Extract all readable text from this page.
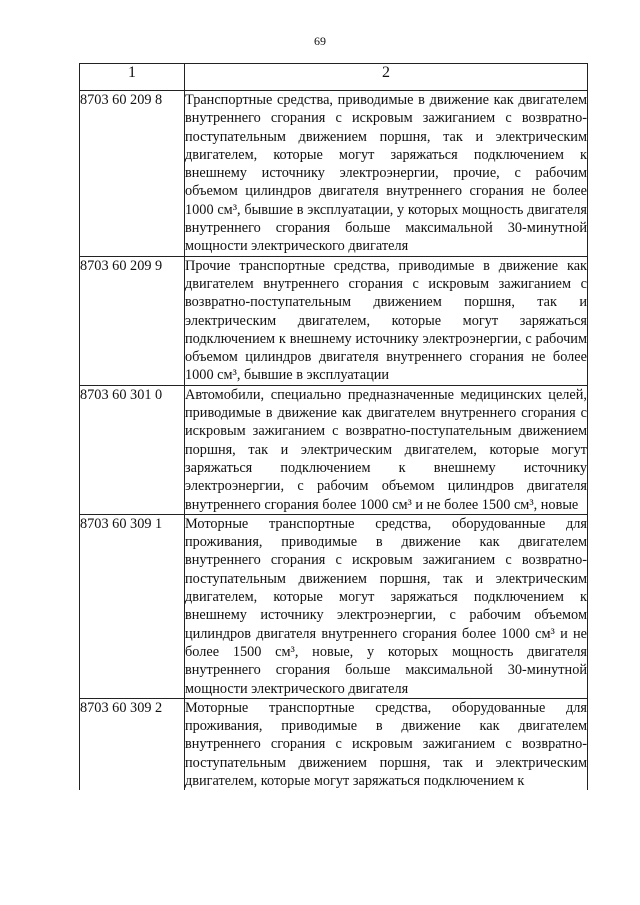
69
1	2
8703 60 209 8	Транспортные средства, приводимые в движение как двигателем внутреннего сгорания с искровым зажиганием с возвратно-поступательным движением поршня, так и электрическим двигателем, которые могут заряжаться подключением к внешнему источнику электроэнергии, прочие, с рабочим объемом цилиндров двигателя внутреннего сгорания не более 1000 см³, бывшие в эксплуатации, у которых мощность двигателя внутреннего сгорания больше максимальной 30-минутной мощности электрического двигателя
8703 60 209 9	Прочие транспортные средства, приводимые в движение как двигателем внутреннего сгорания с искровым зажиганием с возвратно-поступательным движением поршня, так и электрическим двигателем, которые могут заряжаться подключением к внешнему источнику электроэнергии, с рабочим объемом цилиндров двигателя внутреннего сгорания не более 1000 см³, бывшие в эксплуатации
8703 60 301 0	Автомобили, специально предназначенные медицинских целей, приводимые в движение как двигателем внутреннего сгорания с искровым зажиганием с возвратно-поступательным движением поршня, так и электрическим двигателем, которые могут заряжаться подключением к внешнему источнику электроэнергии, с рабочим объемом цилиндров двигателя внутреннего сгорания более 1000 см³ и не более 1500 см³, новые
8703 60 309 1	Моторные транспортные средства, оборудованные для проживания, приводимые в движение как двигателем внутреннего сгорания с искровым зажиганием с возвратно-поступательным движением поршня, так и электрическим двигателем, которые могут заряжаться подключением к внешнему источнику электроэнергии, с рабочим объемом цилиндров двигателя внутреннего сгорания более 1000 см³ и не более 1500 см³, новые, у которых мощность двигателя внутреннего сгорания больше максимальной 30-минутной мощности электрического двигателя
8703 60 309 2	Моторные транспортные средства, оборудованные для проживания, приводимые в движение как двигателем внутреннего сгорания с искровым зажиганием с возвратно-поступательным движением поршня, так и электрическим двигателем, которые могут заряжаться подключением к
